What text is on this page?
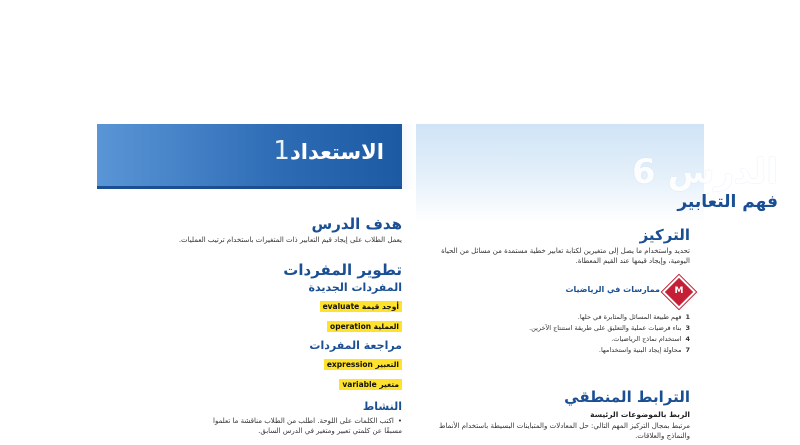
الاستعداد1
الدرس 6
فهم التعابير
هدف الدرس

يعمل الطلاب على إيجاد قيم التعابير ذات المتغيرات باستخدام ترتيب العمليات.

تطوير المفردات
المفردات الجديدة
أوجد قيمة evaluate
العملية operation
مراجعة المفردات
التعبير expression
متغير variable
النشاط

•اكتب الكلمات على اللوحة. اطلب من الطلاب مناقشة ما تعلموا

مسبقًا عن كلمتي تعبير ومتغير في الدرس السابق.

التركيز

تحديد واستخدام ما يصل إلى متغيرين لكتابة تعابير خطية مستمدة من مسائل من الحياة اليومية، وإيجاد قيمها عند القيم المعطاة.

M
ممارسات في الرياضيات
1فهم طبيعة المسائل والمثابرة في حلها.
3بناء فرضيات عملية والتعليق على طريقة استنتاج الآخرين.
4استخدام نماذج الرياضيات.
7محاولة إيجاد البنية واستخدامها.
الترابط المنطقي
الربط بالموضوعات الرئيسة

مرتبط بمجال التركيز المهم التالي: حل المعادلات والمتباينات البسيطة باستخدام الأنماط والنماذج والعلاقات.
